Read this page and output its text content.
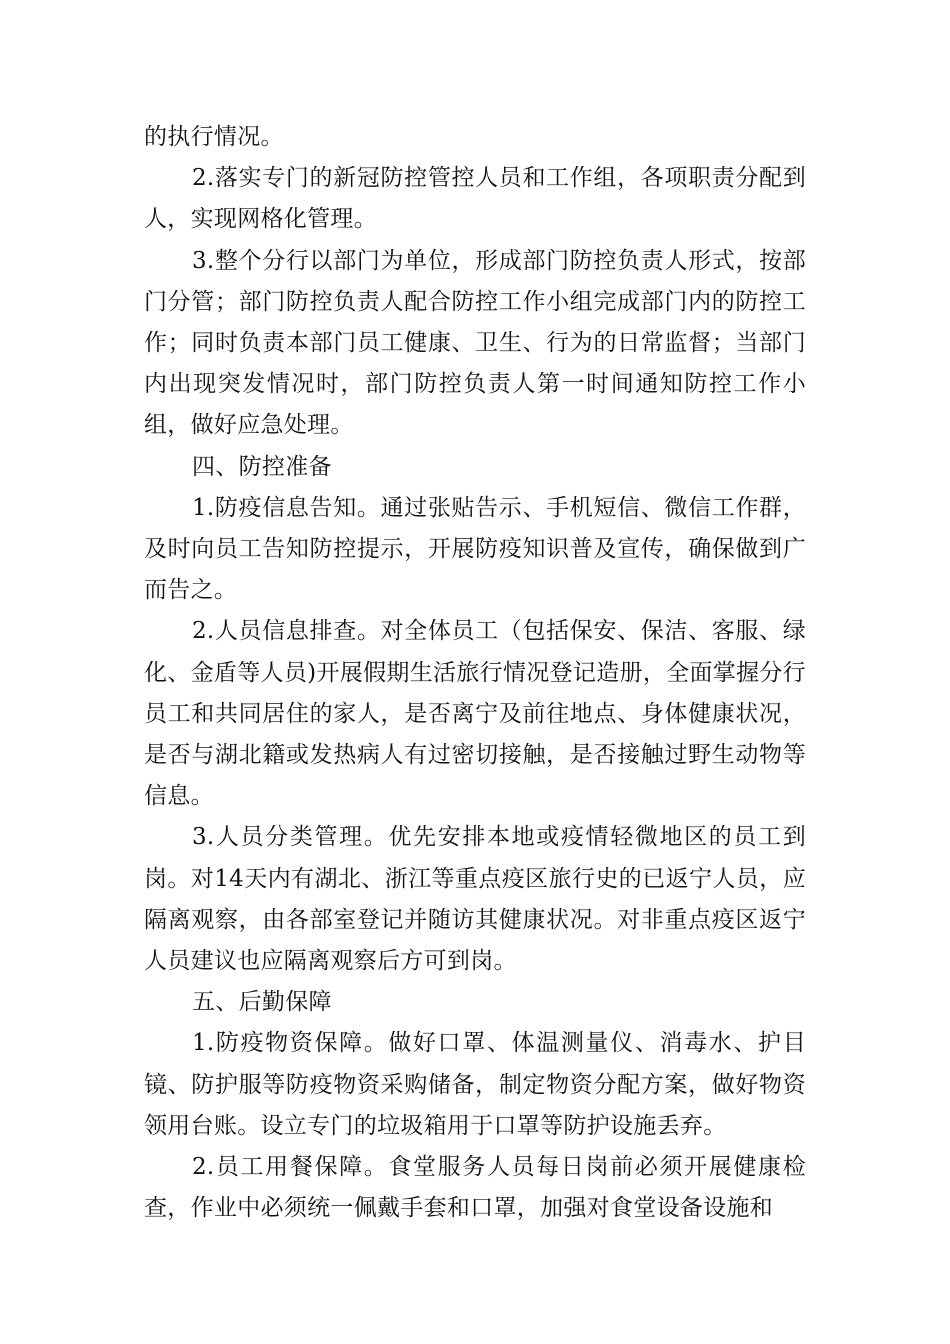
的执行情况。

2.落实专门的新冠防控管控人员和工作组，各项职责分配到人，实现网格化管理。

3.整个分行以部门为单位，形成部门防控负责人形式，按部门分管；部门防控负责人配合防控工作小组完成部门内的防控工作；同时负责本部门员工健康、卫生、行为的日常监督；当部门内出现突发情况时，部门防控负责人第一时间通知防控工作小组，做好应急处理。

四、防控准备

1.防疫信息告知。通过张贴告示、手机短信、微信工作群，及时向员工告知防控提示，开展防疫知识普及宣传，确保做到广而告之。

2.人员信息排查。对全体员工（包括保安、保洁、客服、绿化、金盾等人员)开展假期生活旅行情况登记造册，全面掌握分行员工和共同居住的家人，是否离宁及前往地点、身体健康状况，是否与湖北籍或发热病人有过密切接触，是否接触过野生动物等信息。

3.人员分类管理。优先安排本地或疫情轻微地区的员工到岗。对14天内有湖北、浙江等重点疫区旅行史的已返宁人员，应隔离观察，由各部室登记并随访其健康状况。对非重点疫区返宁人员建议也应隔离观察后方可到岗。

五、后勤保障

1.防疫物资保障。做好口罩、体温测量仪、消毒水、护目镜、防护服等防疫物资采购储备，制定物资分配方案，做好物资领用台账。设立专门的垃圾箱用于口罩等防护设施丢弃。

2.员工用餐保障。食堂服务人员每日岗前必须开展健康检查，作业中必须统一佩戴手套和口罩，加强对食堂设备设施和
